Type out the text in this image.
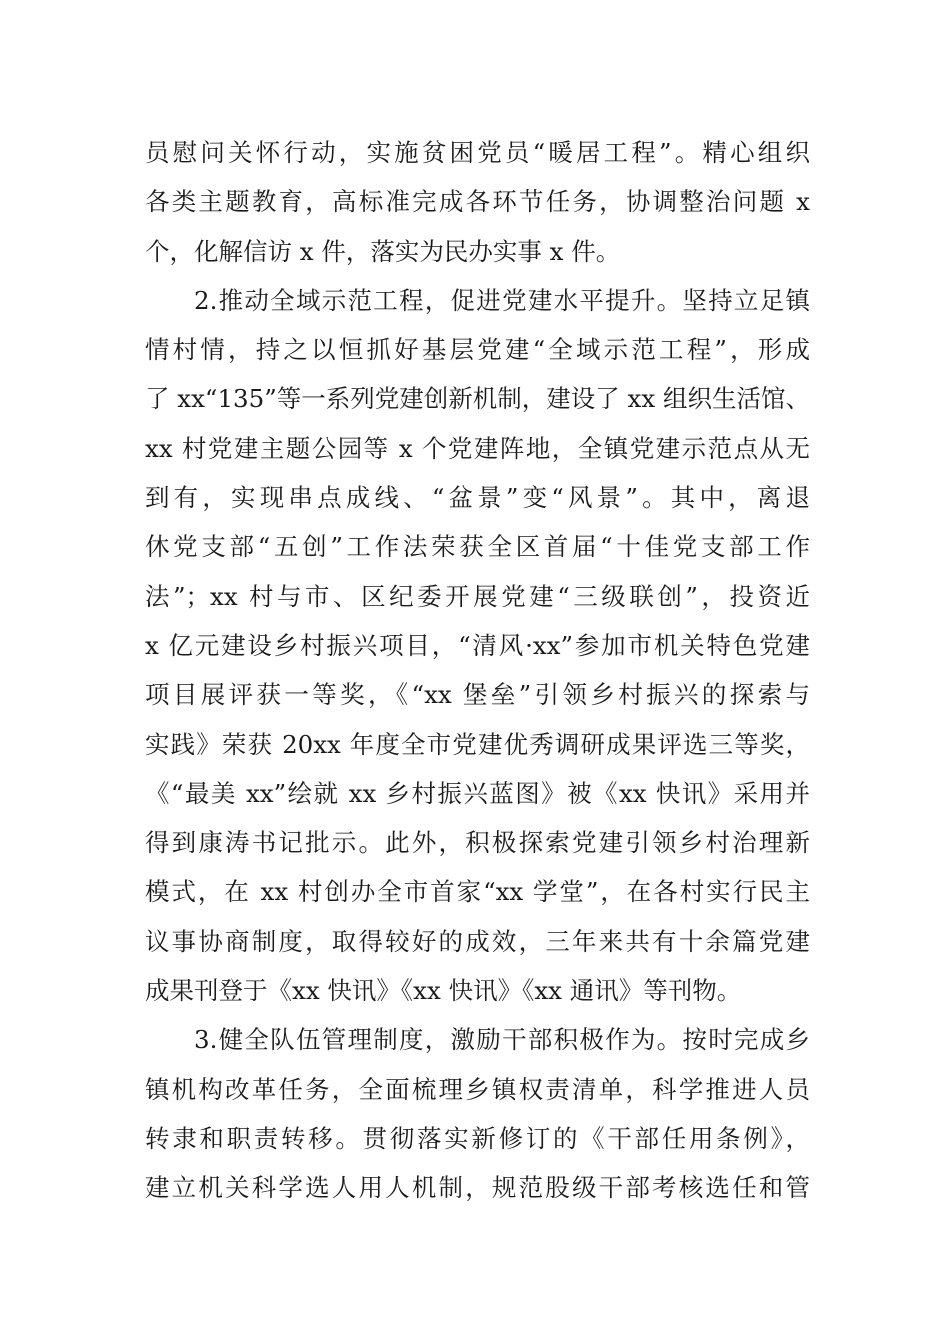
员慰问关怀行动，实施贫困党员“暖居工程”。精心组织
各类主题教育，高标准完成各环节任务，协调整治问题 x
个，化解信访 x 件，落实为民办实事 x 件。
2.推动全域示范工程，促进党建水平提升。坚持立足镇
情村情，持之以恒抓好基层党建“全域示范工程”，形成
了 xx“135”等一系列党建创新机制，建设了 xx 组织生活馆、
xx 村党建主题公园等 x 个党建阵地，全镇党建示范点从无
到有，实现串点成线、“盆景”变“风景”。其中，离退
休党支部“五创”工作法荣获全区首届“十佳党支部工作
法”；xx 村与市、区纪委开展党建“三级联创”，投资近
x 亿元建设乡村振兴项目，“清风·xx”参加市机关特色党建
项目展评获一等奖，《“xx 堡垒”引领乡村振兴的探索与
实践》荣获 20xx 年度全市党建优秀调研成果评选三等奖，
《“最美 xx”绘就 xx 乡村振兴蓝图》被《xx 快讯》采用并
得到康涛书记批示。此外，积极探索党建引领乡村治理新
模式，在 xx 村创办全市首家“xx 学堂”，在各村实行民主
议事协商制度，取得较好的成效，三年来共有十余篇党建
成果刊登于《xx 快讯》《xx 快讯》《xx 通讯》等刊物。
3.健全队伍管理制度，激励干部积极作为。按时完成乡
镇机构改革任务，全面梳理乡镇权责清单，科学推进人员
转隶和职责转移。贯彻落实新修订的《干部任用条例》，
建立机关科学选人用人机制，规范股级干部考核选任和管
